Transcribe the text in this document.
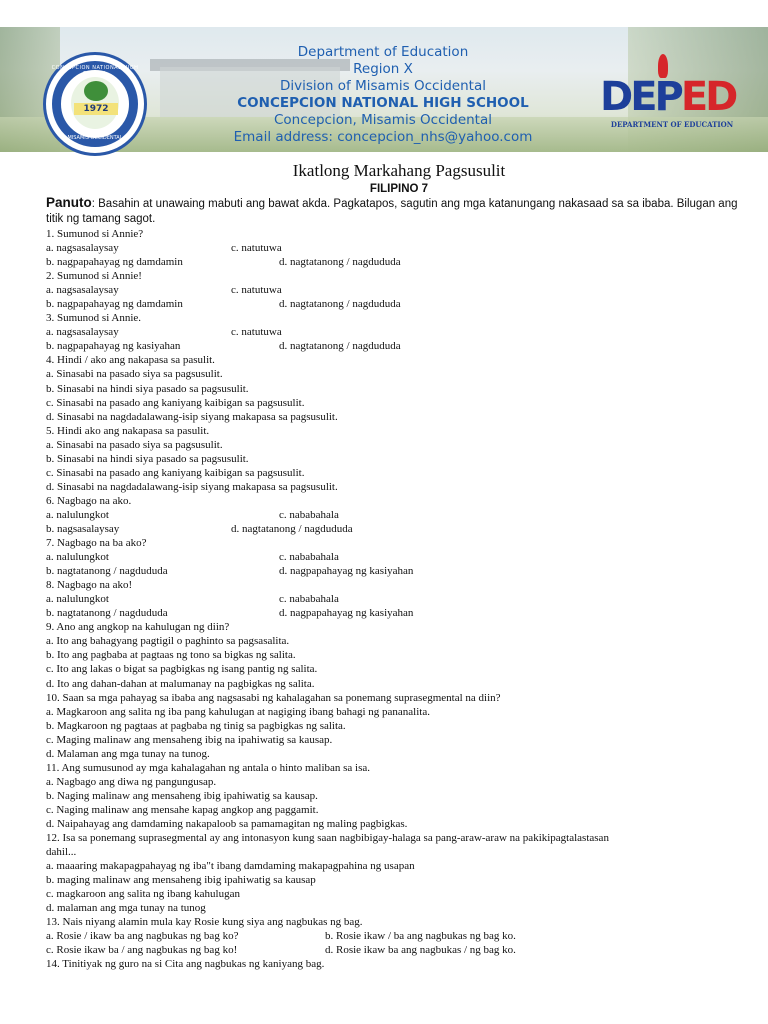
CONCEPCION NATIONAL HIGH SCHOOL
1972
MISAMIS OCCIDENTAL
Department of Education
Region X
Division of Misamis Occidental
CONCEPCION NATIONAL HIGH SCHOOL
Concepcion, Misamis Occidental
Email address: concepcion_nhs@yahoo.com
DEPED
DEPARTMENT OF EDUCATION
Ikatlong Markahang Pagsusulit
FILIPINO 7
Panuto: Basahin at unawaing mabuti ang bawat akda. Pagkatapos, sagutin ang mga katanungang nakasaad sa sa ibaba. Bilugan ang titik ng tamang sagot.
1. Sumunod si Annie?
a. nagsasalaysay	c. natutuwa
b. nagpapahayag ng damdamin	d. nagtatanong / nagdududa
2. Sumunod si Annie!
a. nagsasalaysay	c. natutuwa
b. nagpapahayag ng damdamin	d. nagtatanong / nagdududa
3. Sumunod si Annie.
a. nagsasalaysay	c. natutuwa
b. nagpapahayag ng kasiyahan	d. nagtatanong / nagdududa
4. Hindi / ako ang nakapasa sa pasulit.
a. Sinasabi na pasado siya sa pagsusulit.
b. Sinasabi na hindi siya pasado sa pagsusulit.
c. Sinasabi na pasado ang kaniyang kaibigan sa pagsusulit.
d. Sinasabi na nagdadalawang-isip siyang makapasa sa pagsusulit.
5. Hindi ako ang nakapasa sa pasulit.
a. Sinasabi na pasado siya sa pagsusulit.
b. Sinasabi na hindi siya pasado sa pagsusulit.
c. Sinasabi na pasado ang kaniyang kaibigan sa pagsusulit.
d. Sinasabi na nagdadalawang-isip siyang makapasa sa pagsusulit.
6. Nagbago na ako.
a. nalulungkot	c. nababahala
b. nagsasalaysay	d. nagtatanong / nagdududa
7. Nagbago na ba ako?
a. nalulungkot	c. nababahala
b. nagtatanong / nagdududa	d. nagpapahayag ng kasiyahan
8. Nagbago na ako!
a. nalulungkot	c. nababahala
b. nagtatanong / nagdududa	d. nagpapahayag ng kasiyahan
9. Ano ang angkop na kahulugan ng diin?
a. Ito ang bahagyang pagtigil o paghinto sa pagsasalita.
b. Ito ang pagbaba at pagtaas ng tono sa bigkas ng salita.
c. Ito ang lakas o bigat sa pagbigkas ng isang pantig ng salita.
d. Ito ang dahan-dahan at malumanay na pagbigkas ng salita.
10. Saan sa mga pahayag sa ibaba ang nagsasabi ng kahalagahan sa ponemang suprasegmental na diin?
a. Magkaroon ang salita ng iba pang kahulugan at nagiging ibang bahagi ng pananalita.
b. Magkaroon ng pagtaas at pagbaba ng tinig sa pagbigkas ng salita.
c. Maging malinaw ang mensaheng ibig na ipahiwatig sa kausap.
d. Malaman ang mga tunay na tunog.
11. Ang sumusunod ay mga kahalagahan ng antala o hinto maliban sa isa.
a. Nagbago ang diwa ng pangungusap.
b. Naging malinaw ang mensaheng ibig ipahiwatig sa kausap.
c. Naging malinaw ang mensahe kapag angkop ang paggamit.
d. Naipahayag ang damdaming nakapaloob sa pamamagitan ng maling pagbigkas.
12. Isa sa ponemang suprasegmental ay ang intonasyon kung saan nagbibigay-halaga sa pang-araw-araw na pakikipagtalastasan
dahil...
a. maaaring makapagpahayag ng iba"t ibang damdaming makapagpahina ng usapan
b. maging malinaw ang mensaheng ibig ipahiwatig sa kausap
c. magkaroon ang salita ng ibang kahulugan
d. malaman ang mga tunay na tunog
13. Nais niyang alamin mula kay Rosie kung siya ang nagbukas ng bag.
a. Rosie / ikaw ba ang nagbukas ng bag ko?	b. Rosie ikaw / ba ang nagbukas ng bag ko.
c. Rosie ikaw ba / ang nagbukas ng bag ko!	d. Rosie ikaw ba ang nagbukas / ng bag ko.
14. Tinitiyak ng guro na si Cita ang nagbukas ng kaniyang bag.
